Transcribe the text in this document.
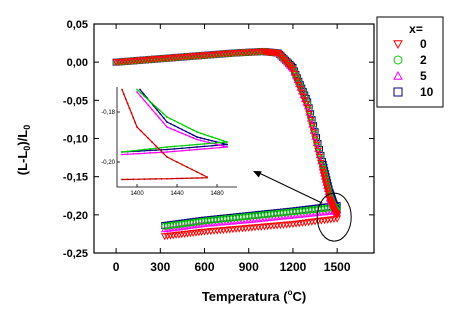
0	300 600 900 1200 1500
0,05
0,00
-0,05
-0,10
-0,15
-0,20
-0,25
1400	1440	1480
-0,18
-0,20
$(L-L_0)/L_0$
Temperatura ($^o$C)
x=
0
2
5
10
